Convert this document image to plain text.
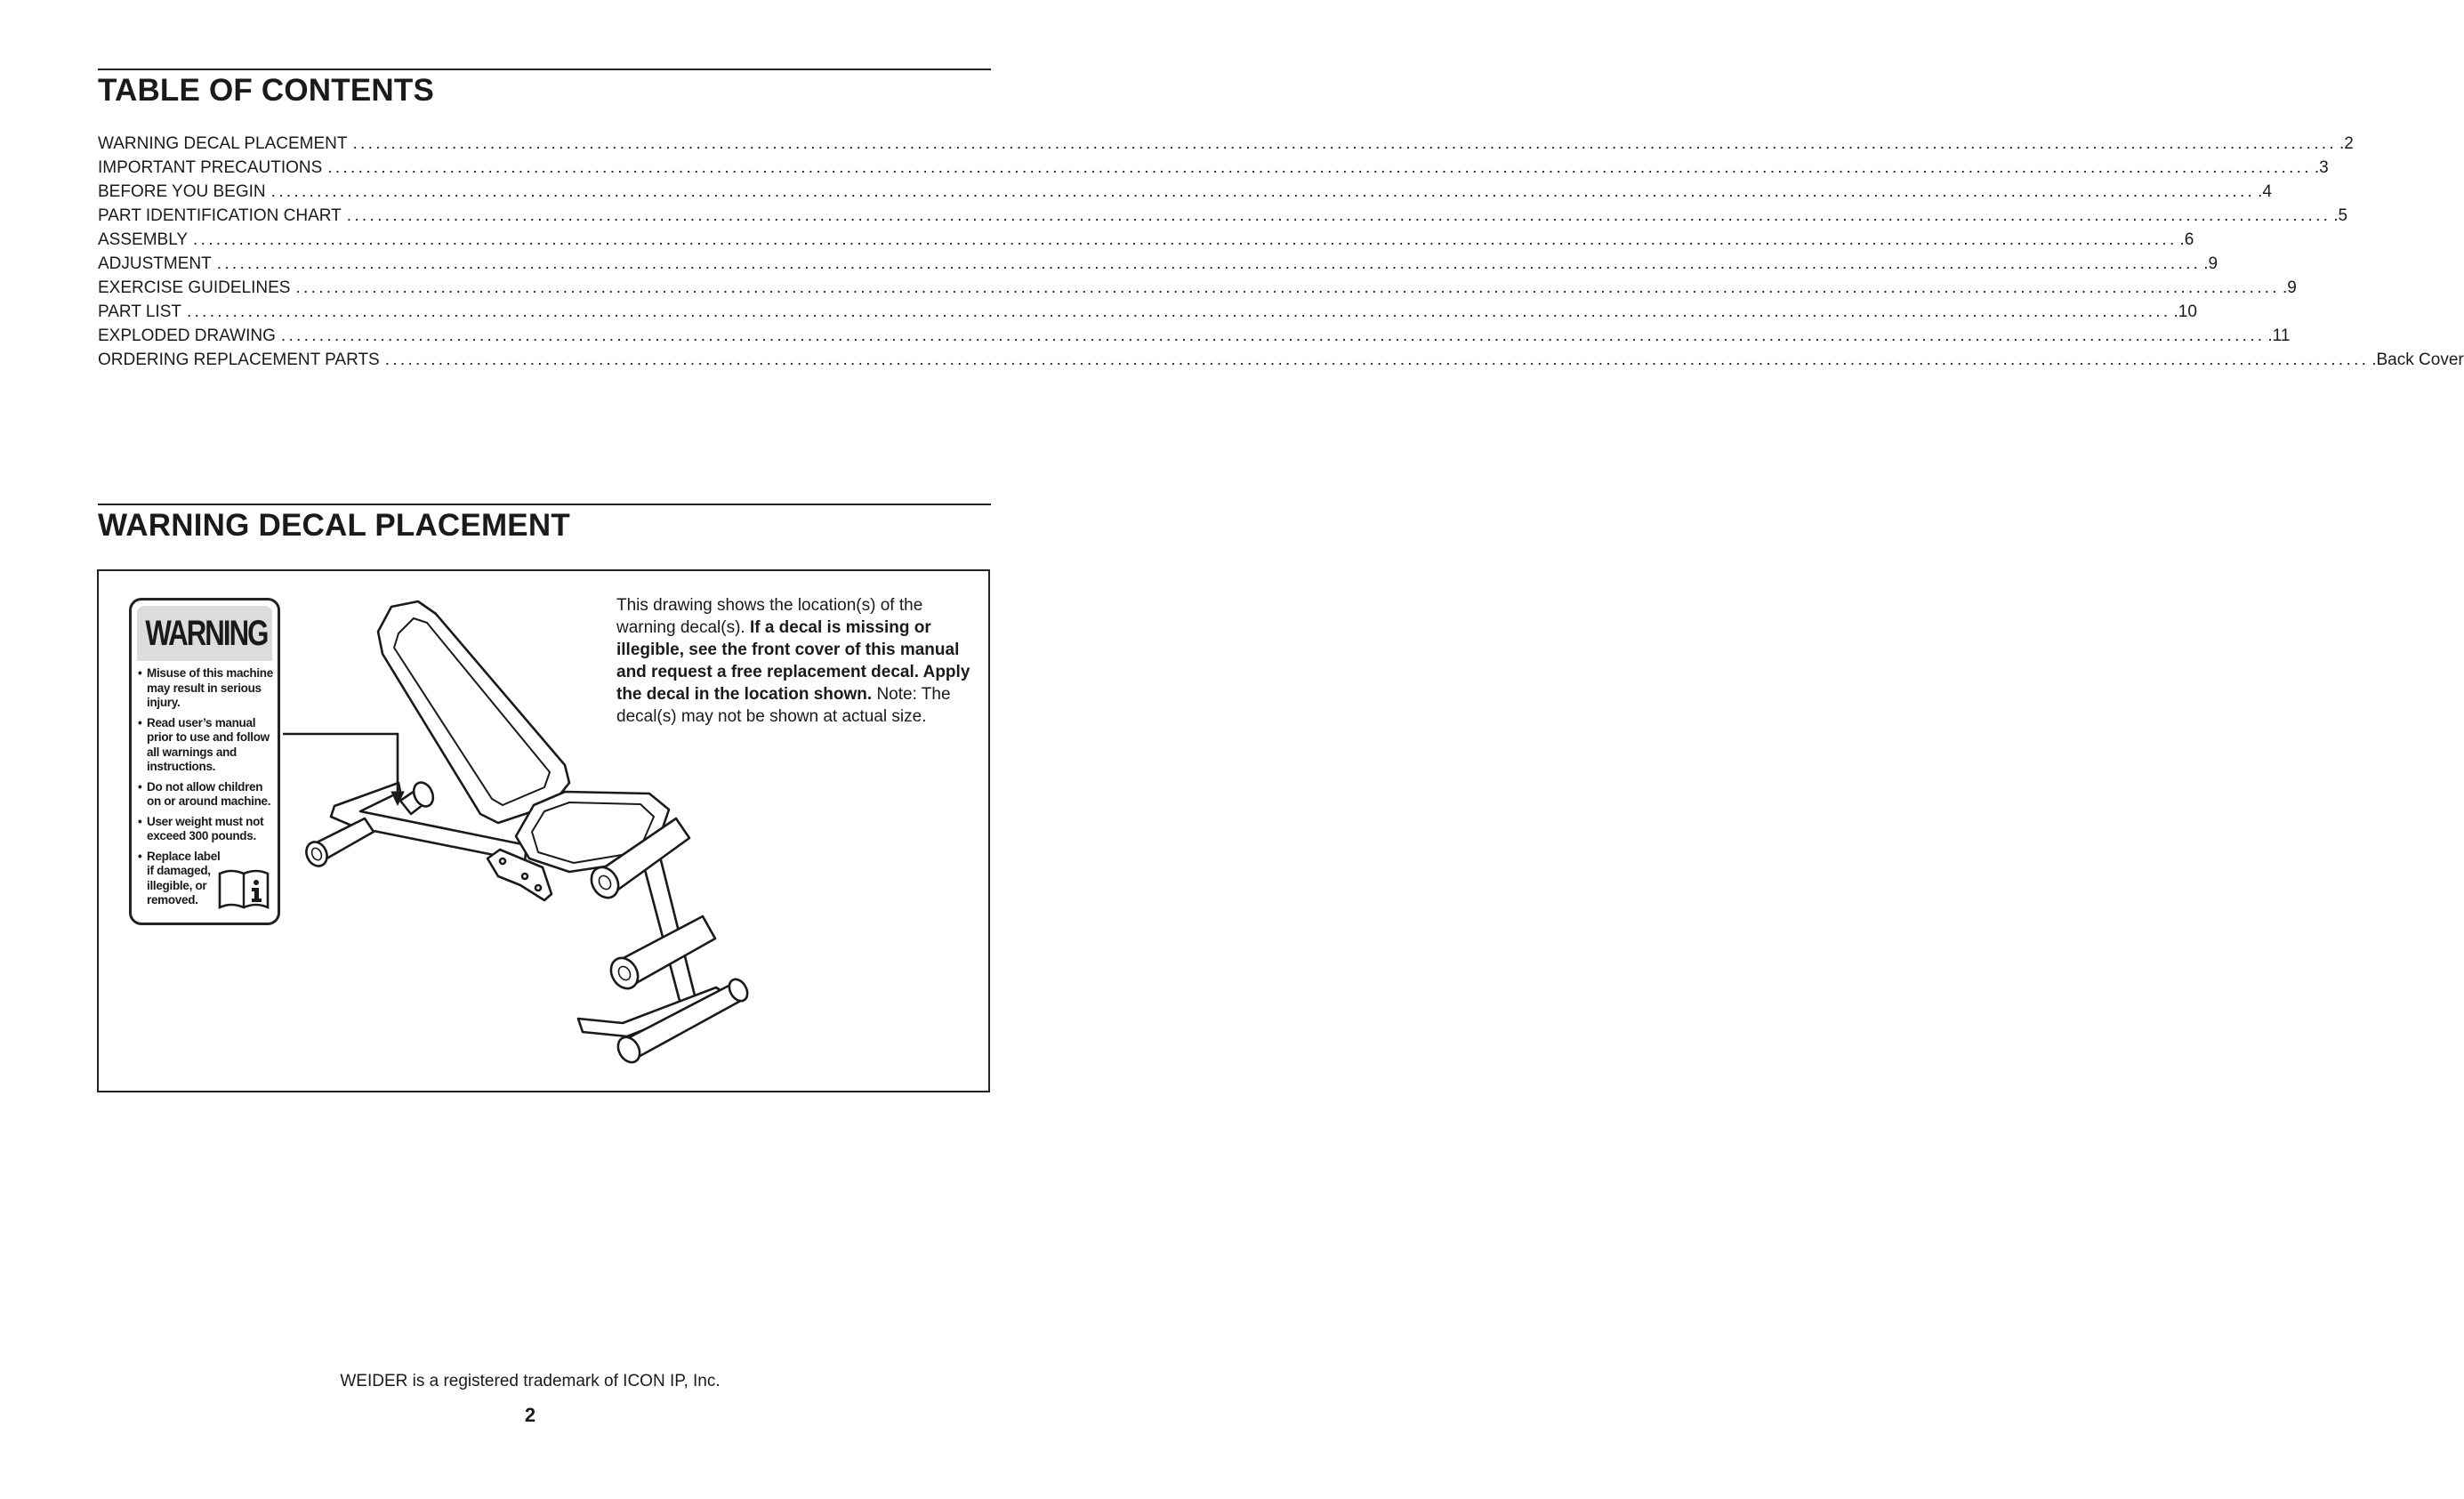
TABLE OF CONTENTS
WARNING DECAL PLACEMENT .................................................................................................................................................................................................................................................................... .2
IMPORTANT PRECAUTIONS .................................................................................................................................................................................................................................................................... .3
BEFORE YOU BEGIN .................................................................................................................................................................................................................................................................... .4
PART IDENTIFICATION CHART .................................................................................................................................................................................................................................................................... .5
ASSEMBLY .................................................................................................................................................................................................................................................................... .6
ADJUSTMENT .................................................................................................................................................................................................................................................................... .9
EXERCISE GUIDELINES .................................................................................................................................................................................................................................................................... .9
PART LIST .................................................................................................................................................................................................................................................................... .10
EXPLODED DRAWING .................................................................................................................................................................................................................................................................... .11
ORDERING REPLACEMENT PARTS .................................................................................................................................................................................................................................................................... .Back Cover
WARNING DECAL PLACEMENT
WARNING
• Misuse of this machine may result in serious injury.
• Read user’s manual prior to use and follow all warnings and instructions.
• Do not allow children on or around machine.
• User weight must not exceed 300 pounds.
• Replace label if damaged, illegible, or removed.
This drawing shows the location(s) of the warning decal(s). If a decal is missing or illegible, see the front cover of this manual and request a free replacement decal. Apply the decal in the location shown. Note: The decal(s) may not be shown at actual size.
WEIDER is a registered trademark of ICON IP, Inc.
2
